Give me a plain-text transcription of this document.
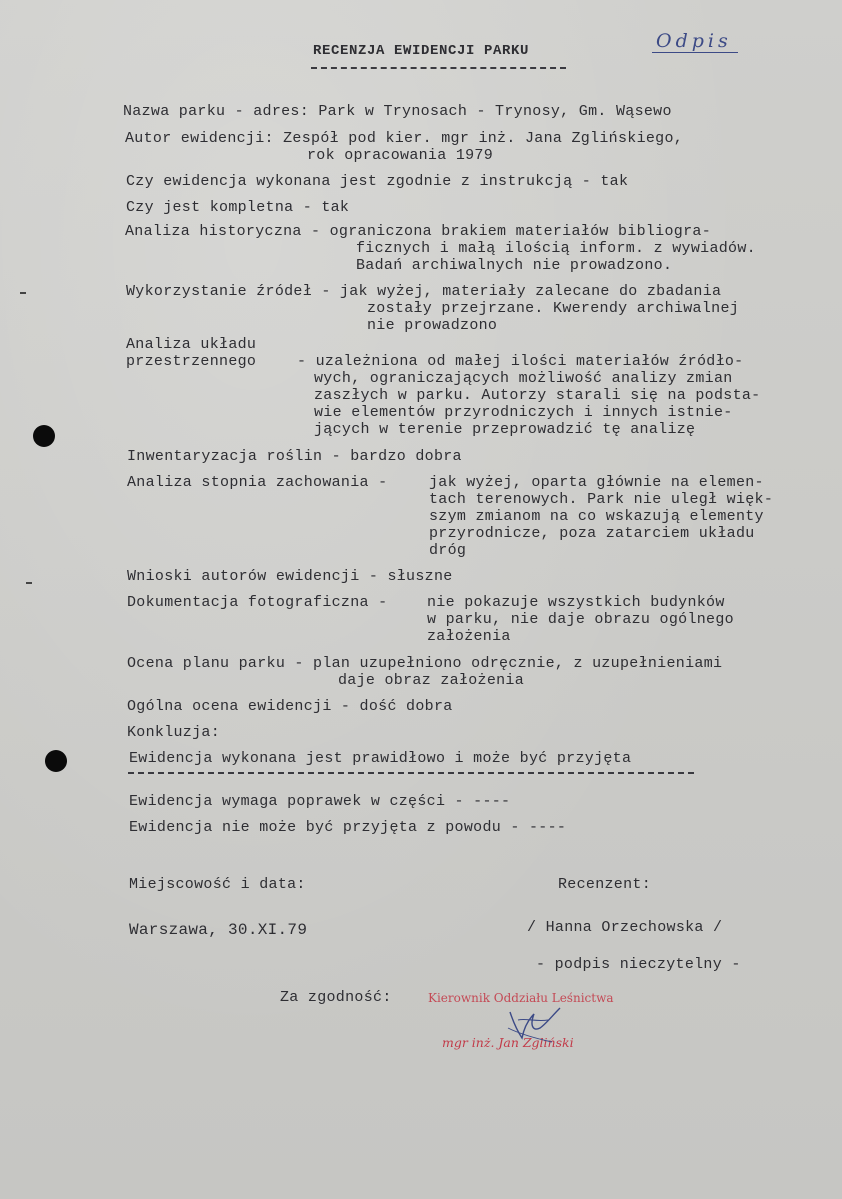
RECENZJA EWIDENCJI PARKU	Odpis
Nazwa parku - adres: Park w Trynosach - Trynosy, Gm. Wąsewo
Autor ewidencji: Zespół pod kier. mgr inż. Jana Zglińskiego,
rok opracowania 1979
Czy ewidencja wykonana jest zgodnie z instrukcją - tak
Czy jest kompletna - tak
Analiza historyczna - ograniczona brakiem materiałów bibliogra-
ficznych i małą ilością inform. z wywiadów.
Badań archiwalnych nie prowadzono.
Wykorzystanie źródeł - jak wyżej, materiały zalecane do zbadania
zostały przejrzane. Kwerendy archiwalnej
nie prowadzono
Analiza układu
przestrzennego	- uzależniona od małej ilości materiałów źródło-
wych, ograniczających możliwość analizy zmian
zaszłych w parku. Autorzy starali się na podsta-
wie elementów przyrodniczych i innych istnie-
jących w terenie przeprowadzić tę analizę
Inwentaryzacja roślin - bardzo dobra
Analiza stopnia zachowania -	jak wyżej, oparta głównie na elemen-
tach terenowych. Park nie uległ więk-
szym zmianom na co wskazują elementy
przyrodnicze, poza zatarciem układu
dróg
Wnioski autorów ewidencji - słuszne
Dokumentacja fotograficzna -	nie pokazuje wszystkich budynków
w parku, nie daje obrazu ogólnego
założenia
Ocena planu parku - plan uzupełniono odręcznie, z uzupełnieniami
daje obraz założenia
Ogólna ocena ewidencji - dość dobra
Konkluzja:
Ewidencja wykonana jest prawidłowo i może być przyjęta
Ewidencja wymaga poprawek w części - ----
Ewidencja nie może być przyjęta z powodu - ----
Miejscowość i data:	Recenzent:
Warszawa, 30.XI.79	/ Hanna Orzechowska /
- podpis nieczytelny -
Za zgodność:	Kierownik Oddziału Leśnictwa
mgr inż. Jan Zgliński
